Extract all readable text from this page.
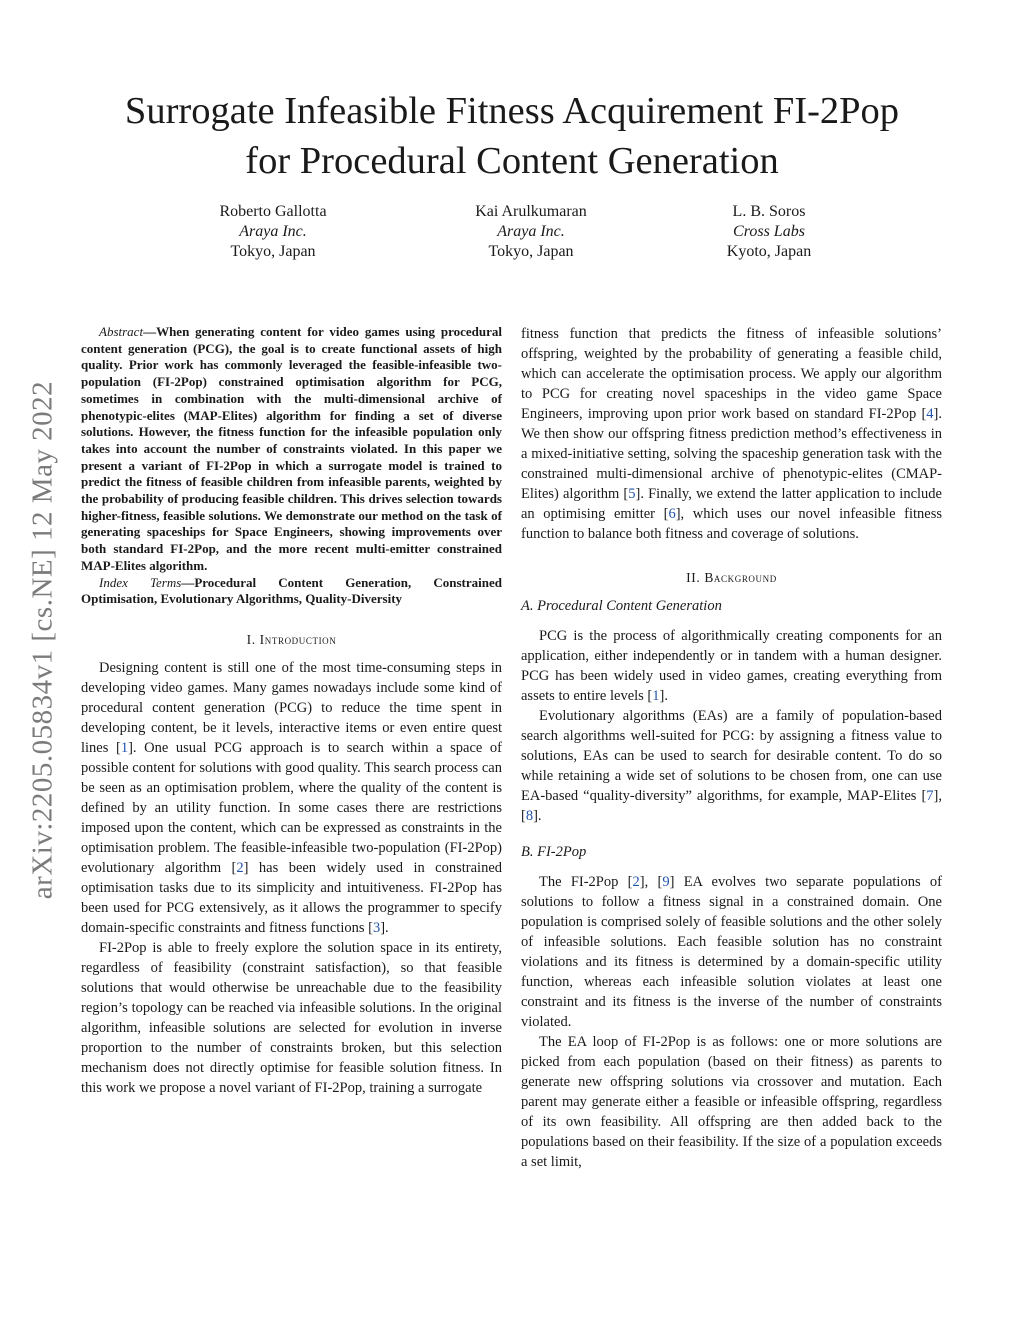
arXiv:2205.05834v1 [cs.NE] 12 May 2022
Surrogate Infeasible Fitness Acquirement FI-2Pop
for Procedural Content Generation
Roberto Gallotta
Araya Inc.
Tokyo, Japan
Kai Arulkumaran
Araya Inc.
Tokyo, Japan
L. B. Soros
Cross Labs
Kyoto, Japan

Abstract—When generating content for video games using procedural content generation (PCG), the goal is to create functional assets of high quality. Prior work has commonly leveraged the feasible-infeasible two-population (FI-2Pop) constrained optimisation algorithm for PCG, sometimes in combination with the multi-dimensional archive of phenotypic-elites (MAP-Elites) algorithm for finding a set of diverse solutions. However, the fitness function for the infeasible population only takes into account the number of constraints violated. In this paper we present a variant of FI-2Pop in which a surrogate model is trained to predict the fitness of feasible children from infeasible parents, weighted by the probability of producing feasible children. This drives selection towards higher-fitness, feasible solutions. We demonstrate our method on the task of generating spaceships for Space Engineers, showing improvements over both standard FI-2Pop, and the more recent multi-emitter constrained MAP-Elites algorithm.

Index Terms—Procedural Content Generation, Constrained Optimisation, Evolutionary Algorithms, Quality-Diversity

I. Introduction

Designing content is still one of the most time-consuming steps in developing video games. Many games nowadays include some kind of procedural content generation (PCG) to reduce the time spent in developing content, be it levels, interactive items or even entire quest lines [1]. One usual PCG approach is to search within a space of possible content for solutions with good quality. This search process can be seen as an optimisation problem, where the quality of the content is defined by an utility function. In some cases there are restrictions imposed upon the content, which can be expressed as constraints in the optimisation problem. The feasible-infeasible two-population (FI-2Pop) evolutionary algorithm [2] has been widely used in constrained optimisation tasks due to its simplicity and intuitiveness. FI-2Pop has been used for PCG extensively, as it allows the programmer to specify domain-specific constraints and fitness functions [3].

FI-2Pop is able to freely explore the solution space in its entirety, regardless of feasibility (constraint satisfaction), so that feasible solutions that would otherwise be unreachable due to the feasibility region’s topology can be reached via infeasible solutions. In the original algorithm, infeasible solutions are selected for evolution in inverse proportion to the number of constraints broken, but this selection mechanism does not directly optimise for feasible solution fitness. In this work we propose a novel variant of FI-2Pop, training a surrogate

fitness function that predicts the fitness of infeasible solutions’ offspring, weighted by the probability of generating a feasible child, which can accelerate the optimisation process. We apply our algorithm to PCG for creating novel spaceships in the video game Space Engineers, improving upon prior work based on standard FI-2Pop [4]. We then show our offspring fitness prediction method’s effectiveness in a mixed-initiative setting, solving the spaceship generation task with the constrained multi-dimensional archive of phenotypic-elites (CMAP-Elites) algorithm [5]. Finally, we extend the latter application to include an optimising emitter [6], which uses our novel infeasible fitness function to balance both fitness and coverage of solutions.

II. Background
A. Procedural Content Generation

PCG is the process of algorithmically creating components for an application, either independently or in tandem with a human designer. PCG has been widely used in video games, creating everything from assets to entire levels [1].

Evolutionary algorithms (EAs) are a family of population-based search algorithms well-suited for PCG: by assigning a fitness value to solutions, EAs can be used to search for desirable content. To do so while retaining a wide set of solutions to be chosen from, one can use EA-based “quality-diversity” algorithms, for example, MAP-Elites [7], [8].

B. FI-2Pop

The FI-2Pop [2], [9] EA evolves two separate populations of solutions to follow a fitness signal in a constrained domain. One population is comprised solely of feasible solutions and the other solely of infeasible solutions. Each feasible solution has no constraint violations and its fitness is determined by a domain-specific utility function, whereas each infeasible solution violates at least one constraint and its fitness is the inverse of the number of constraints violated.

The EA loop of FI-2Pop is as follows: one or more solutions are picked from each population (based on their fitness) as parents to generate new offspring solutions via crossover and mutation. Each parent may generate either a feasible or infeasible offspring, regardless of its own feasibility. All offspring are then added back to the populations based on their feasibility. If the size of a population exceeds a set limit,
